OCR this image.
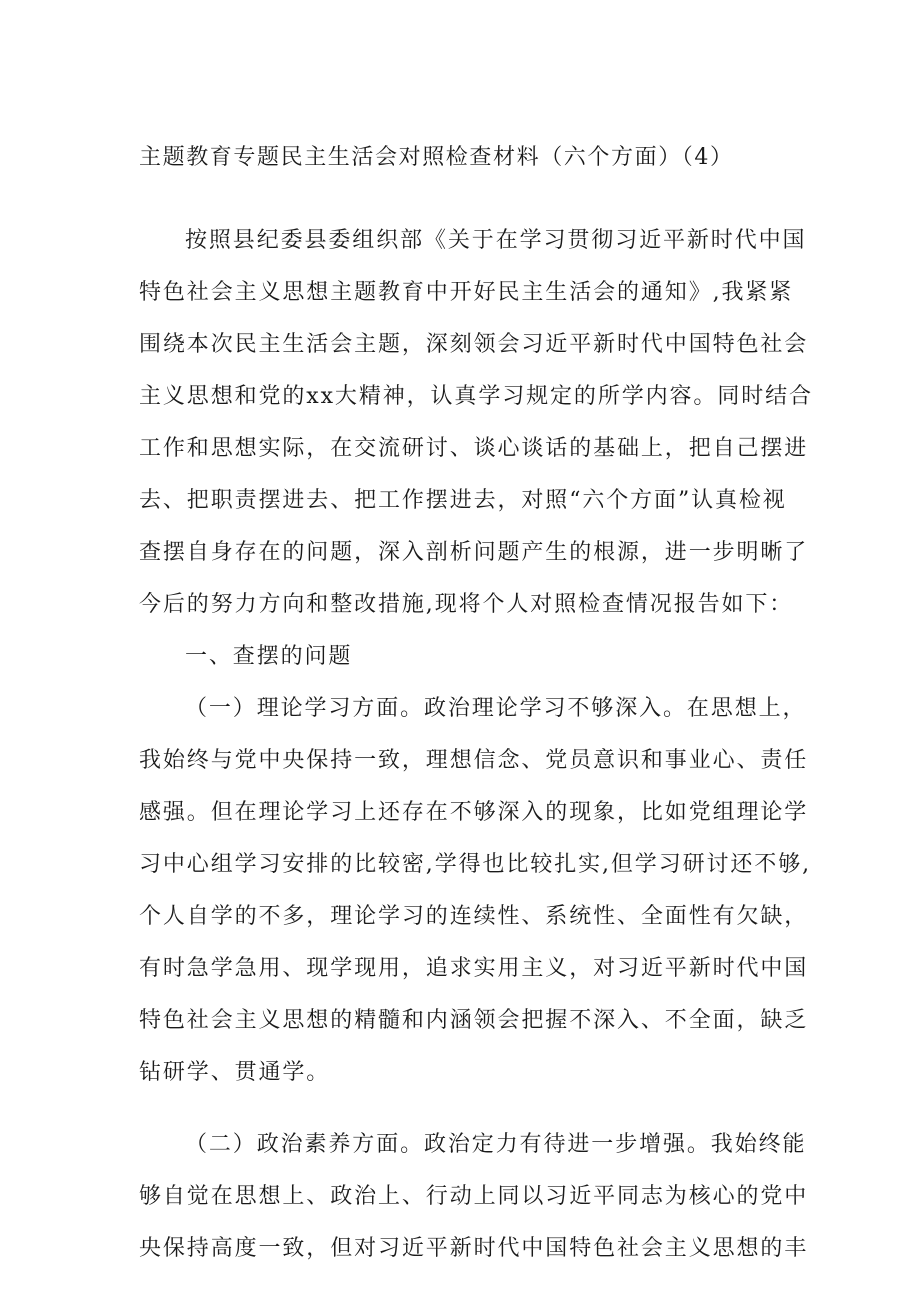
主题教育专题民主生活会对照检查材料（六个方面）（4）
按照县纪委县委组织部《关于在学习贯彻习近平新时代中国
特色社会主义思想主题教育中开好民主生活会的通知》,我紧紧
围绕本次民主生活会主题，深刻领会习近平新时代中国特色社会
主义思想和党的xx大精神，认真学习规定的所学内容。同时结合
工作和思想实际，在交流研讨、谈心谈话的基础上，把自己摆进
去、把职责摆进去、把工作摆进去，对照“六个方面”认真检视
查摆自身存在的问题，深入剖析问题产生的根源，进一步明晰了
今后的努力方向和整改措施,现将个人对照检查情况报告如下：
一、查摆的问题
（一）理论学习方面。政治理论学习不够深入。在思想上，
我始终与党中央保持一致，理想信念、党员意识和事业心、责任
感强。但在理论学习上还存在不够深入的现象，比如党组理论学
习中心组学习安排的比较密,学得也比较扎实,但学习研讨还不够,
个人自学的不多，理论学习的连续性、系统性、全面性有欠缺，
有时急学急用、现学现用，追求实用主义，对习近平新时代中国
特色社会主义思想的精髓和内涵领会把握不深入、不全面，缺乏
钻研学、贯通学。
（二）政治素养方面。政治定力有待进一步增强。我始终能
够自觉在思想上、政治上、行动上同以习近平同志为核心的党中
央保持高度一致，但对习近平新时代中国特色社会主义思想的丰
